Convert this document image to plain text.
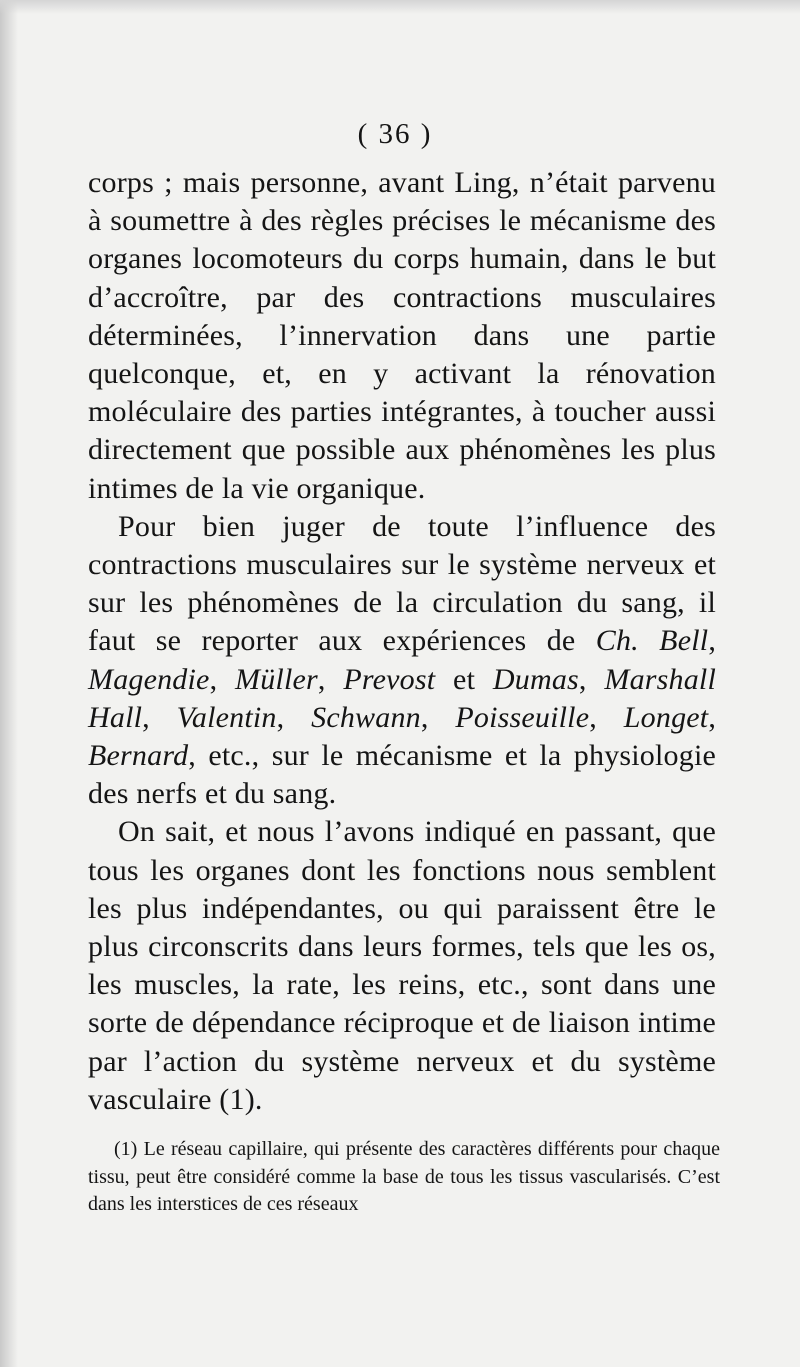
( 36 )

corps ; mais personne, avant Ling, n’était parvenu à soumettre à des règles précises le mécanisme des organes locomoteurs du corps humain, dans le but d’accroître, par des contractions musculaires déterminées, l’innervation dans une partie quelconque, et, en y activant la rénovation moléculaire des parties intégrantes, à toucher aussi directement que possible aux phénomènes les plus intimes de la vie organique.

Pour bien juger de toute l’influence des contractions musculaires sur le système nerveux et sur les phénomènes de la circulation du sang, il faut se reporter aux expériences de Ch. Bell, Magendie, Müller, Prevost et Dumas, Marshall Hall, Valentin, Schwann, Poisseuille, Longet, Bernard, etc., sur le mécanisme et la physiologie des nerfs et du sang.

On sait, et nous l’avons indiqué en passant, que tous les organes dont les fonctions nous semblent les plus indépendantes, ou qui paraissent être le plus circonscrits dans leurs formes, tels que les os, les muscles, la rate, les reins, etc., sont dans une sorte de dépendance réciproque et de liaison intime par l’action du système nerveux et du système vasculaire (1).

(1) Le réseau capillaire, qui présente des caractères différents pour chaque tissu, peut être considéré comme la base de tous les tissus vascularisés. C’est dans les interstices de ces réseaux
